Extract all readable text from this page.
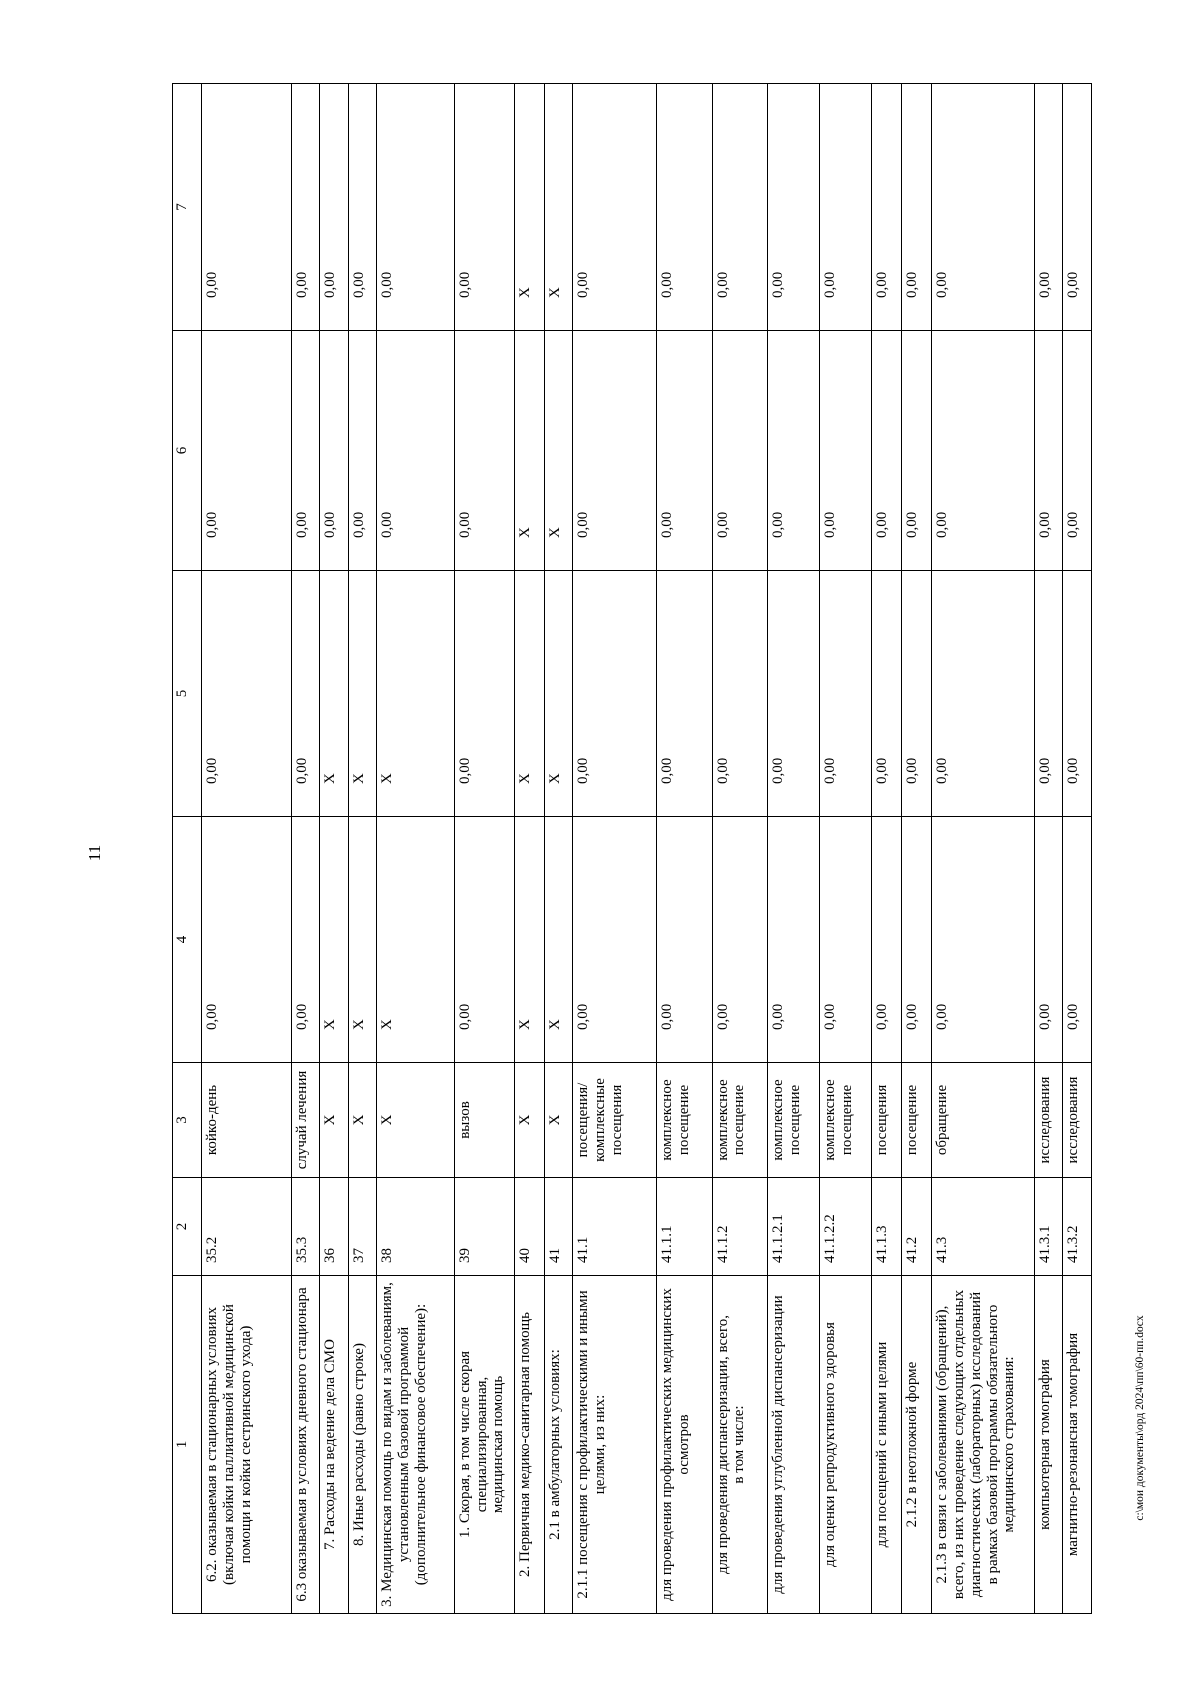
11
с:\мои документы\орд 2024\пп\60-пп.docx
1	2	3	4	5	6	7
6.2. оказываемая в стационарных условиях
(включая койки паллиативной медицинской
помощи и койки сестринского ухода)	35.2	койко-день	0,00	0,00	0,00	0,00
6.3 оказываемая в условиях дневного стационара	35.3	случай лечения	0,00	0,00	0,00	0,00
7. Расходы на ведение дела СМО	36	Х	Х	Х	0,00	0,00
8. Иные расходы (равно строке)	37	Х	Х	Х	0,00	0,00
3. Медицинская помощь по видам и заболеваниям,
установленным базовой программой
(дополнительное финансовое обеспечение):	38	Х	Х	Х	0,00	0,00
1. Скорая, в том числе скорая специализированная,
медицинская помощь	39	вызов	0,00	0,00	0,00	0,00
2. Первичная медико-санитарная помощь	40	Х	Х	Х	Х	Х
2.1 в амбулаторных условиях:	41	Х	Х	Х	Х	Х
2.1.1 посещения с профилактическими и иными
целями, из них:	41.1	посещения/
комплексные
посещения	0,00	0,00	0,00	0,00
для проведения профилактических медицинских
осмотров	41.1.1	комплексное
посещение	0,00	0,00	0,00	0,00
для проведения диспансеризации, всего,
в том числе:	41.1.2	комплексное
посещение	0,00	0,00	0,00	0,00
для проведения углубленной диспансеризации	41.1.2.1	комплексное
посещение	0,00	0,00	0,00	0,00
для оценки репродуктивного здоровья	41.1.2.2	комплексное
посещение	0,00	0,00	0,00	0,00
для посещений с иными целями	41.1.3	посещения	0,00	0,00	0,00	0,00
2.1.2 в неотложной форме	41.2	посещение	0,00	0,00	0,00	0,00
2.1.3 в связи с заболеваниями (обращений),
всего, из них проведение следующих отдельных
диагностических (лабораторных) исследований
в рамках базовой программы обязательного
медицинского страхования:	41.3	обращение	0,00	0,00	0,00	0,00
компьютерная томография	41.3.1	исследования	0,00	0,00	0,00	0,00
магнитно-резонансная томография	41.3.2	исследования	0,00	0,00	0,00	0,00
